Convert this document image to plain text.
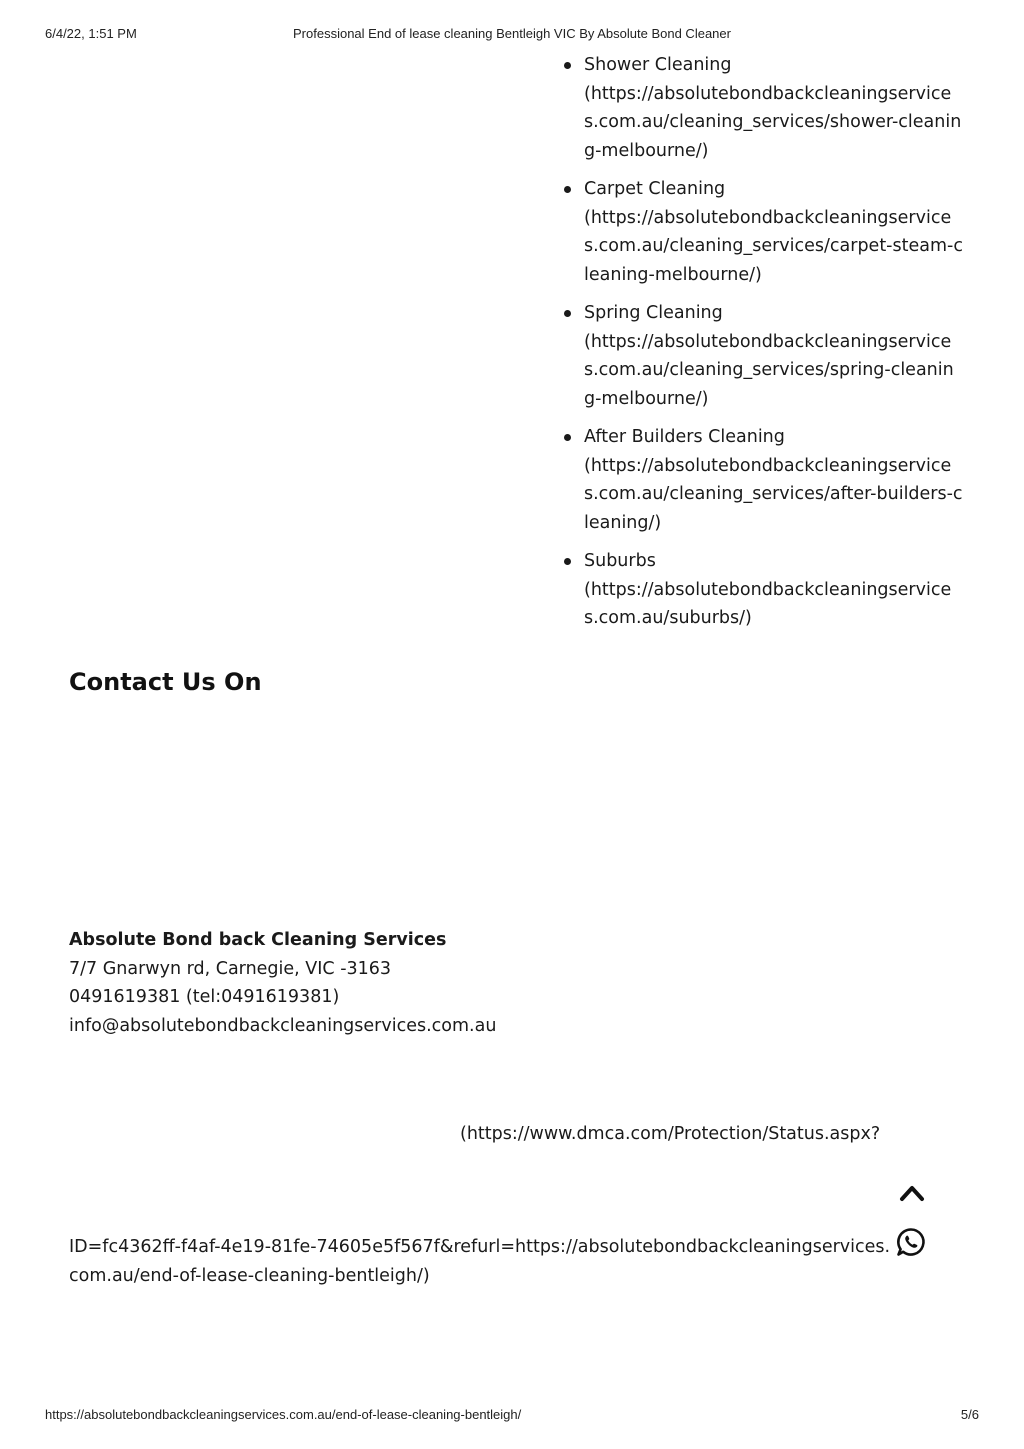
6/4/22, 1:51 PM	Professional End of lease cleaning Bentleigh VIC By Absolute Bond Cleaner
Shower Cleaning
(https://absolutebondbackcleaningservices.com.au/cleaning_services/shower-cleaning-melbourne/)
Carpet Cleaning
(https://absolutebondbackcleaningservices.com.au/cleaning_services/carpet-steam-cleaning-melbourne/)
Spring Cleaning
(https://absolutebondbackcleaningservices.com.au/cleaning_services/spring-cleaning-melbourne/)
After Builders Cleaning
(https://absolutebondbackcleaningservices.com.au/cleaning_services/after-builders-cleaning/)
Suburbs
(https://absolutebondbackcleaningservices.com.au/suburbs/)
Contact Us On
Absolute Bond back Cleaning Services
7/7 Gnarwyn rd, Carnegie, VIC -3163
0491619381 (tel:0491619381)
info@absolutebondbackcleaningservices.com.au
(https://www.dmca.com/Protection/Status.aspx?
ID=fc4362ff-f4af-4e19-81fe-74605e5f567f&refurl=https://absolutebondbackcleaningservices.com.au/end-of-lease-cleaning-bentleigh/)
https://absolutebondbackcleaningservices.com.au/end-of-lease-cleaning-bentleigh/	5/6
